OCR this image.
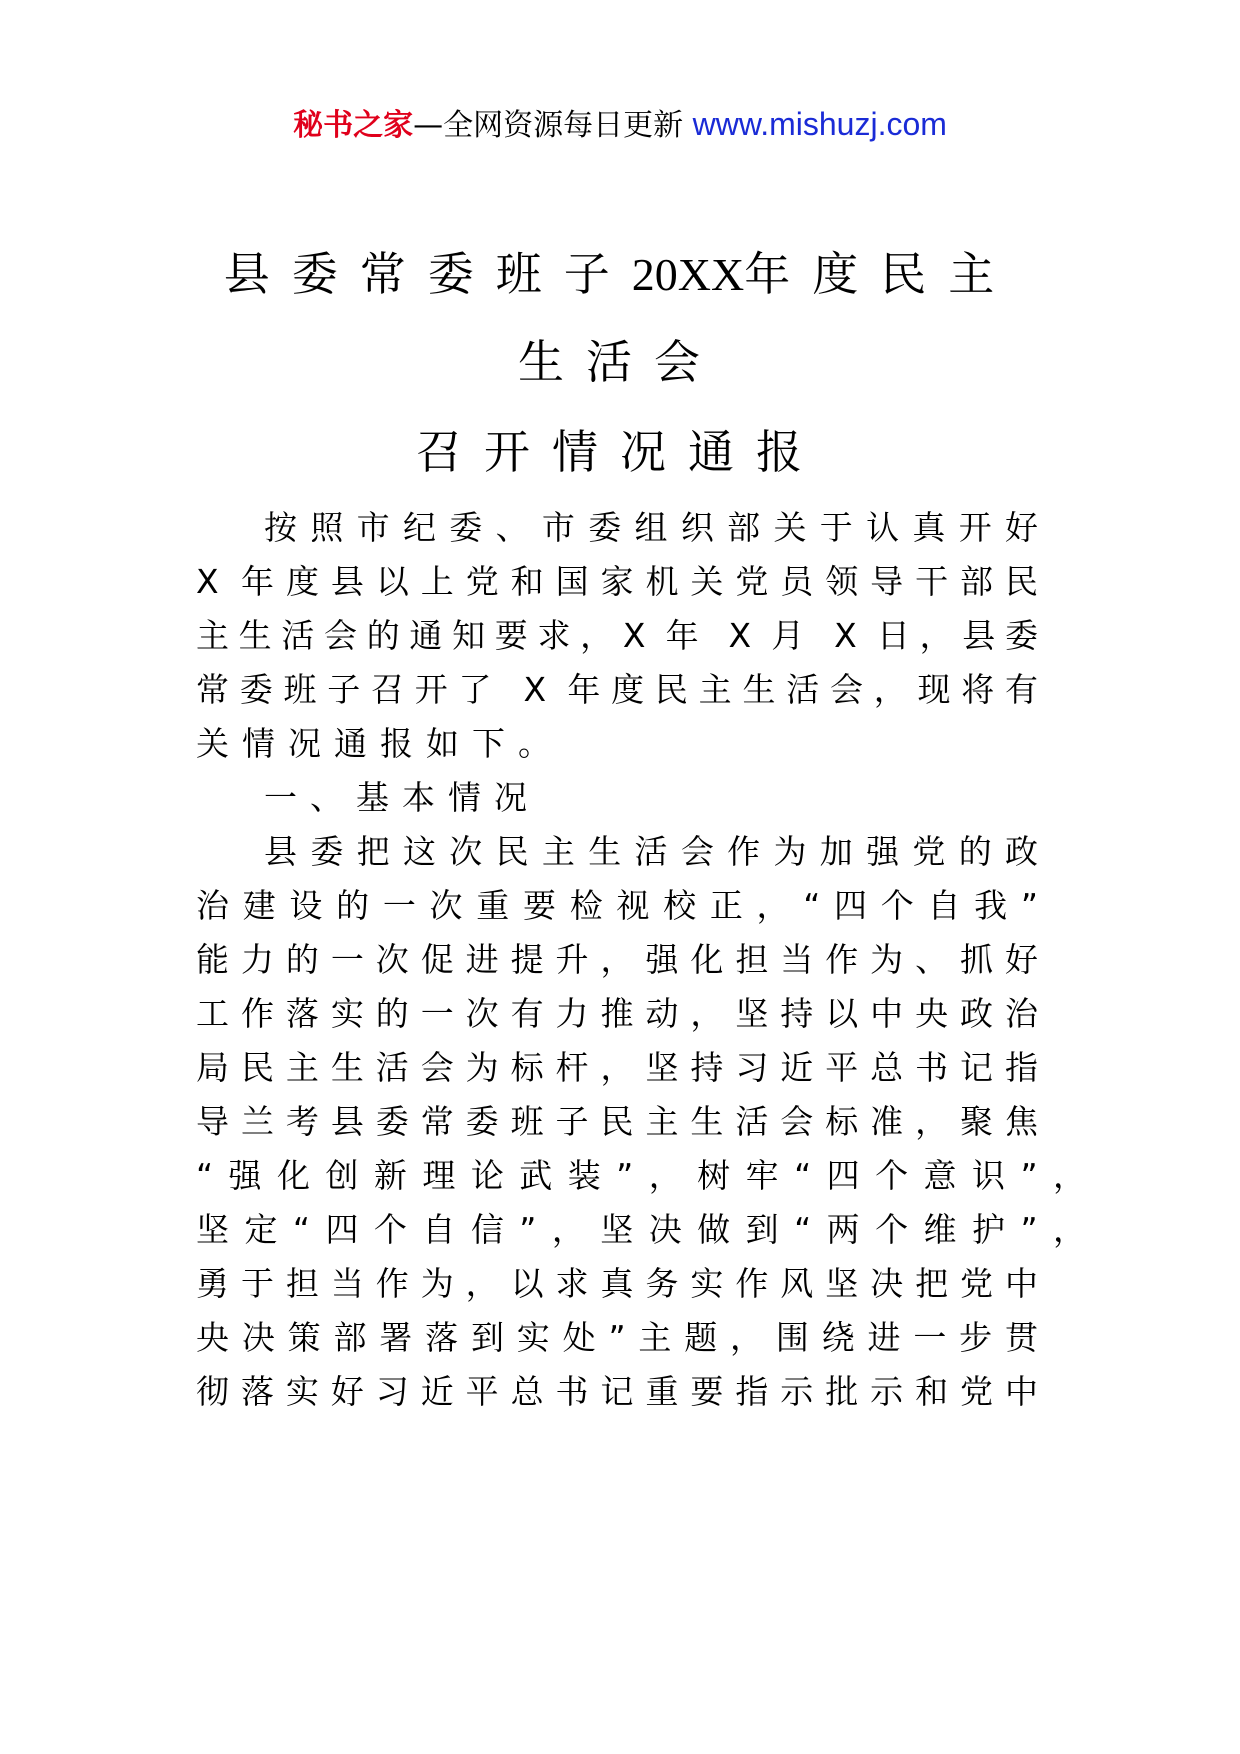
秘书之家—全网资源每日更新 www.mishuzj.com
县委常委班子20XX年度民主
生活会
召开情况通报
按照市纪委、市委组织部关于认真开好
X 年度县以上党和国家机关党员领导干部民
主生活会的通知要求，X 年 X 月 X 日，县委
常委班子召开了 X 年度民主生活会，现将有
关情况通报如下。
一、基本情况
县委把这次民主生活会作为加强党的政
治建设的一次重要检视校正，“四个自我”
能力的一次促进提升，强化担当作为、抓好
工作落实的一次有力推动，坚持以中央政治
局民主生活会为标杆，坚持习近平总书记指
导兰考县委常委班子民主生活会标准，聚焦
“强化创新理论武装”，树牢“四个意识”，
坚定“四个自信”，坚决做到“两个维护”，
勇于担当作为，以求真务实作风坚决把党中
央决策部署落到实处”主题，围绕进一步贯
彻落实好习近平总书记重要指示批示和党中
